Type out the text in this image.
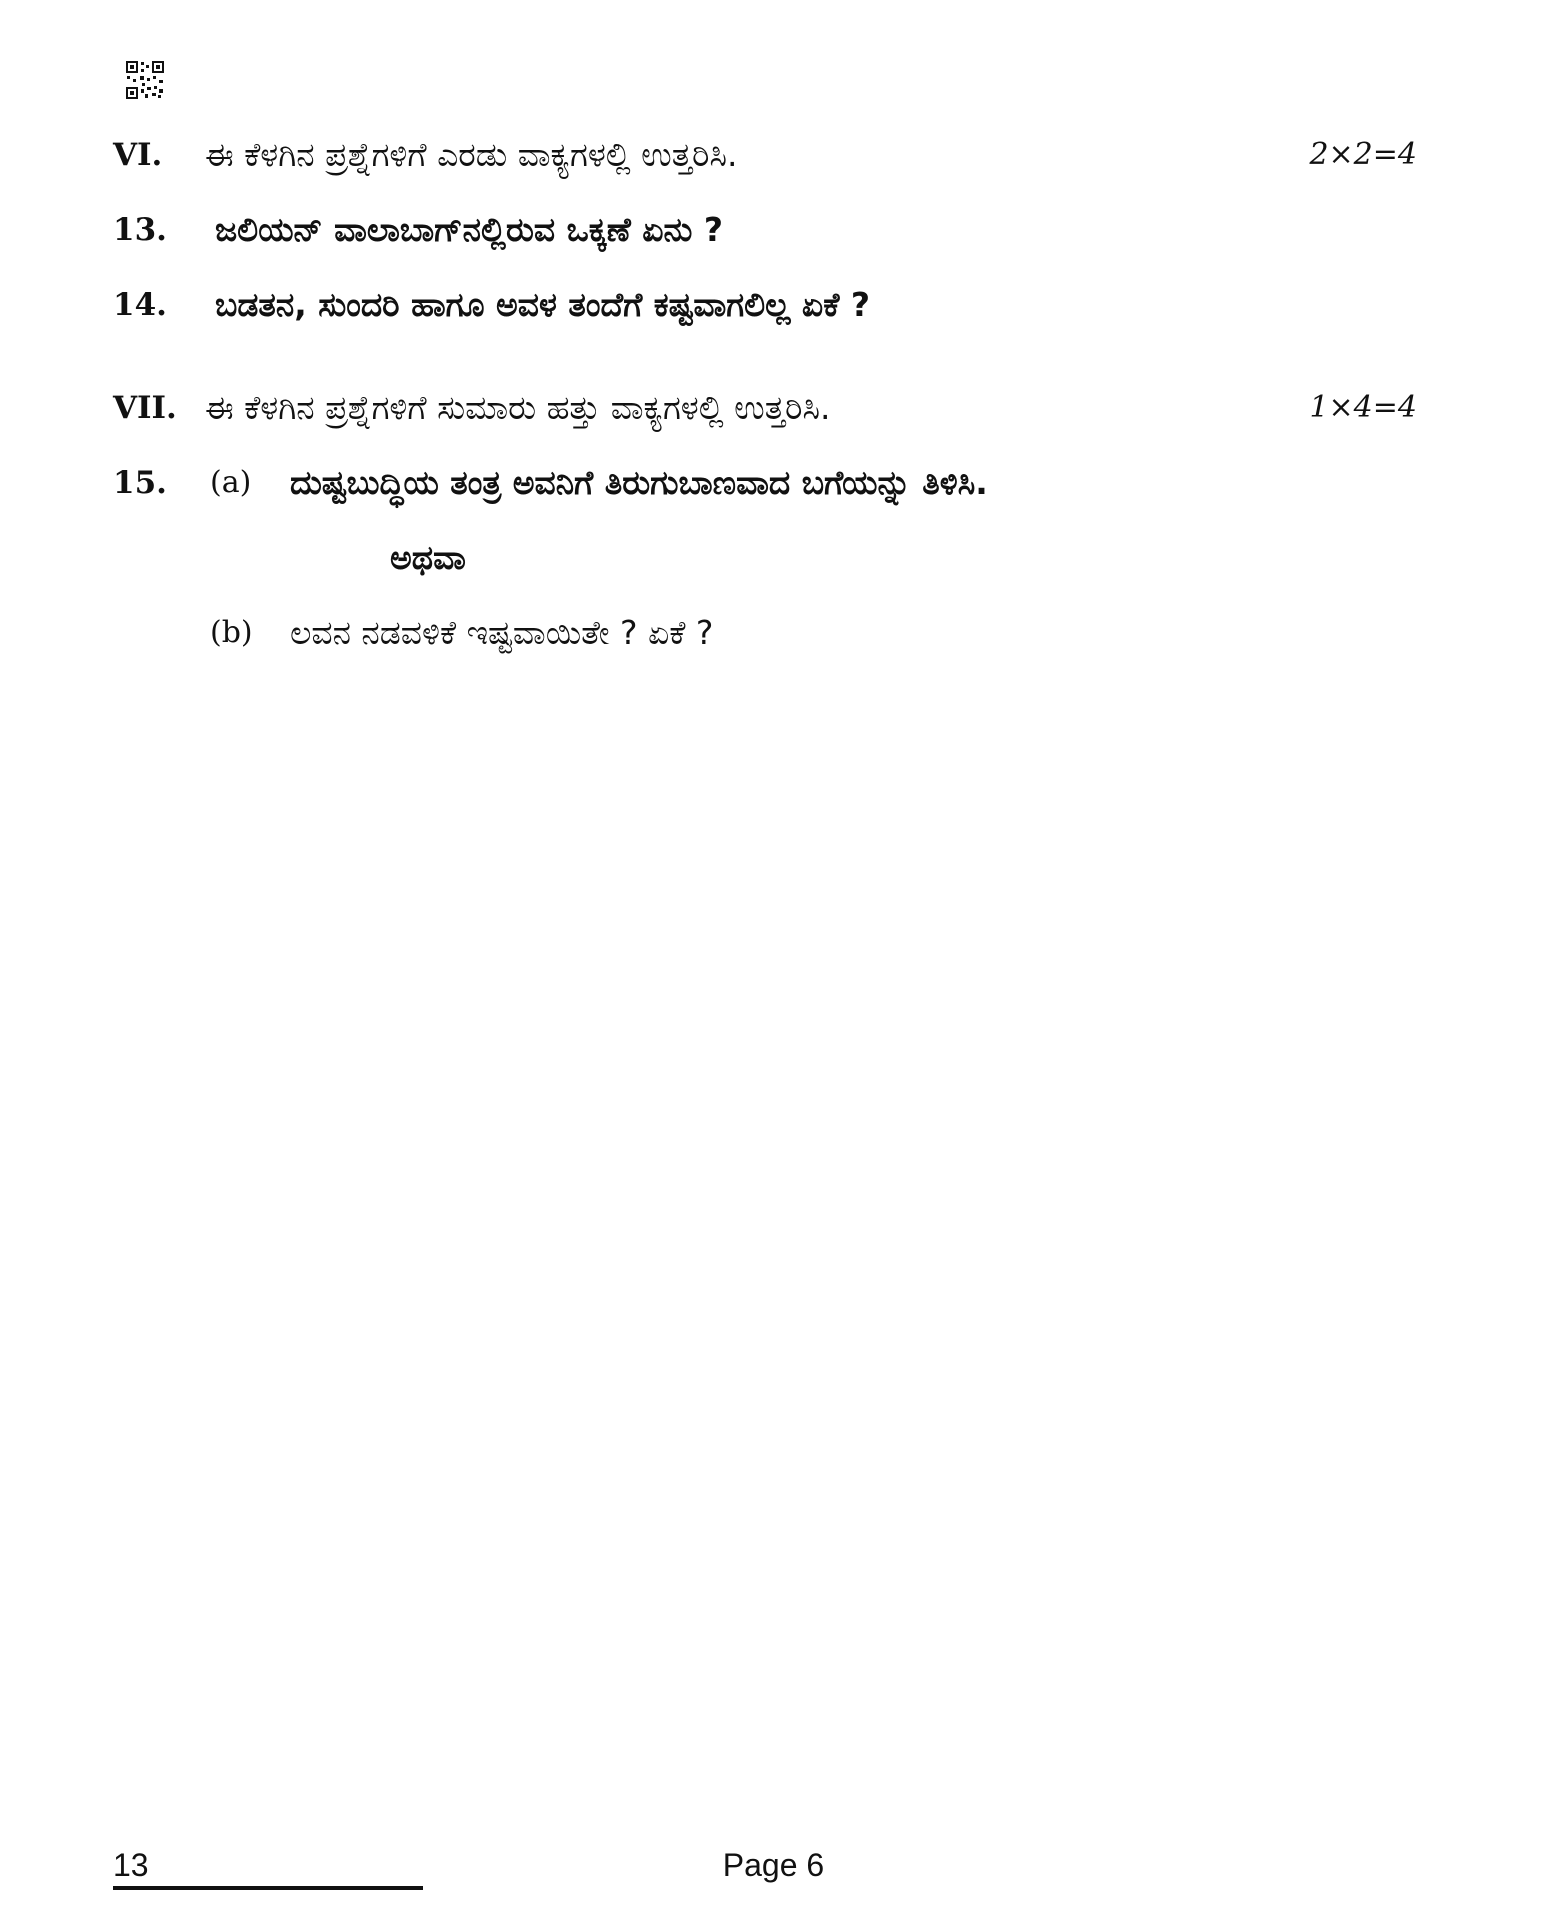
VI. ಈ ಕೆಳಗಿನ ಪ್ರಶ್ನೆಗಳಿಗೆ ಎರಡು ವಾಕ್ಯಗಳಲ್ಲಿ ಉತ್ತರಿಸಿ.	2×2=4
13. ಜಲಿಯನ್ ವಾಲಾಬಾಗ್‌ನಲ್ಲಿರುವ ಒಕ್ಕಣೆ ಏನು ?
14. ಬಡತನ, ಸುಂದರಿ ಹಾಗೂ ಅವಳ ತಂದೆಗೆ ಕಷ್ಟವಾಗಲಿಲ್ಲ ಏಕೆ ?
VII. ಈ ಕೆಳಗಿನ ಪ್ರಶ್ನೆಗಳಿಗೆ ಸುಮಾರು ಹತ್ತು ವಾಕ್ಯಗಳಲ್ಲಿ ಉತ್ತರಿಸಿ.	1×4=4
15. (a) ದುಷ್ಟಬುದ್ಧಿಯ ತಂತ್ರ ಅವನಿಗೆ ತಿರುಗುಬಾಣವಾದ ಬಗೆಯನ್ನು ತಿಳಿಸಿ.
ಅಥವಾ
(b) ಲವನ ನಡವಳಿಕೆ ಇಷ್ಟವಾಯಿತೇ ? ಏಕೆ ?
13	Page 6
